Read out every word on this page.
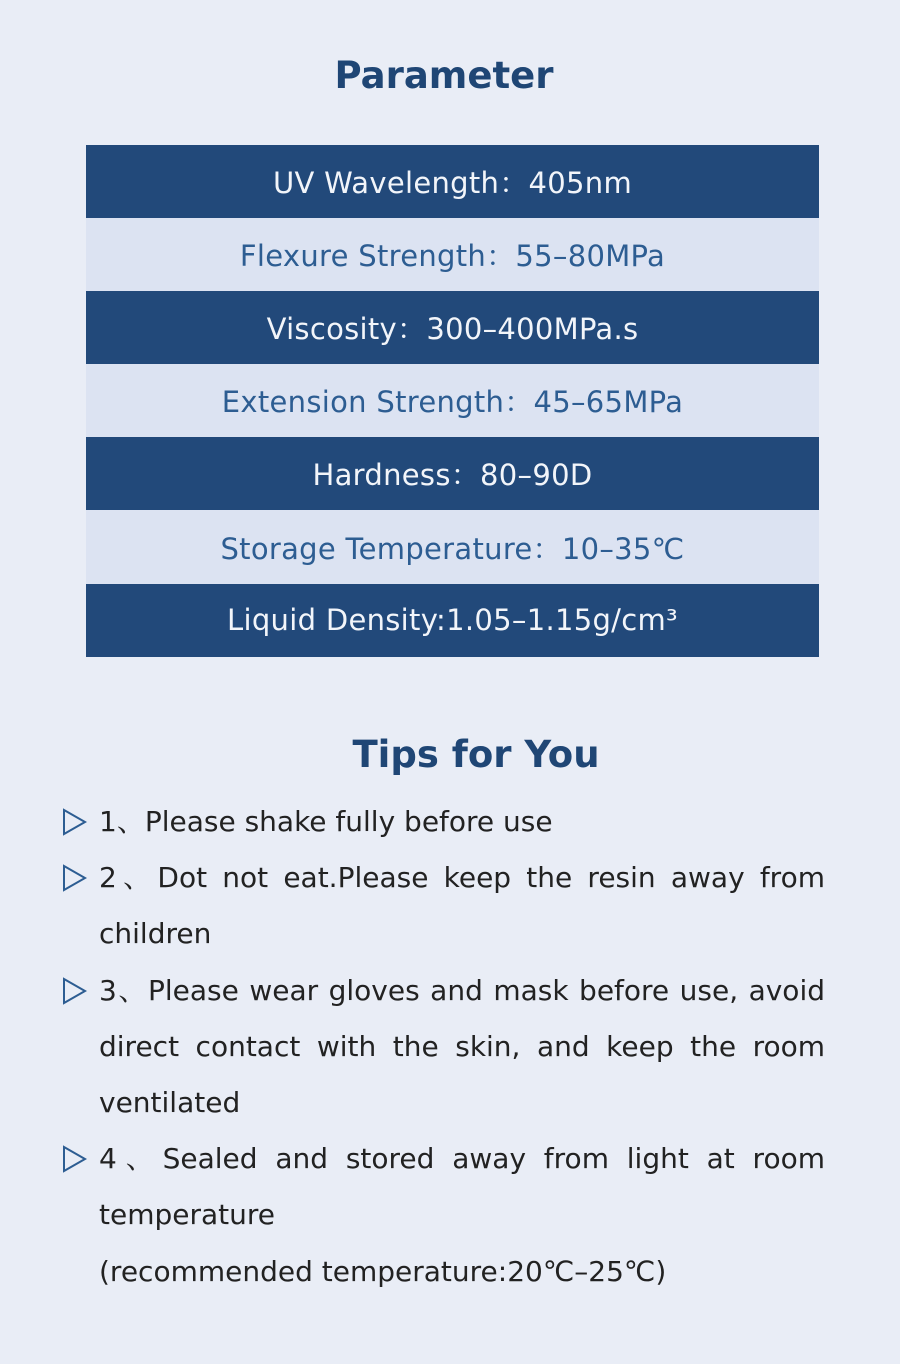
Parameter
UV Wavelength：405nm
Flexure Strength：55–80MPa
Viscosity：300–400MPa.s
Extension Strength：45–65MPa
Hardness：80–90D
Storage Temperature：10–35℃
Liquid Density:1.05–1.15g/cm³
Tips for You
1、Please shake fully before use
2、Dot not eat.Please keep the resin away from children
3、Please wear gloves and mask before use, avoid direct contact with the skin, and keep the room ventilated
4、Sealed and stored away from light at room temperature
(recommended temperature:20℃–25℃)
